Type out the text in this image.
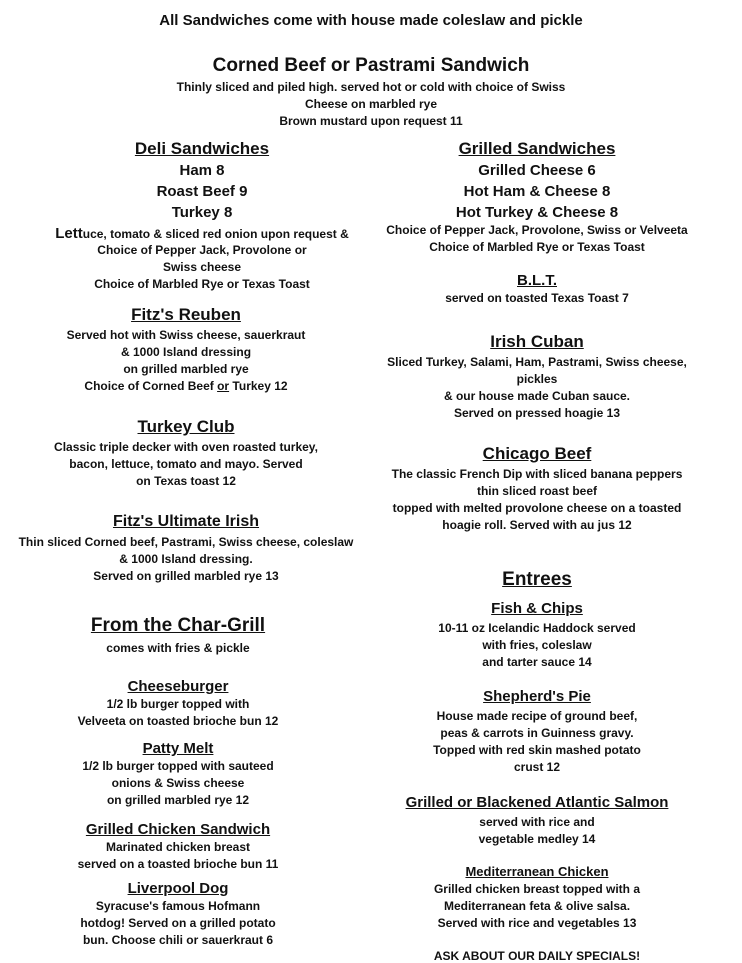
All Sandwiches come with house made coleslaw and pickle
Corned Beef or Pastrami Sandwich
Thinly sliced and piled high. served hot or cold with choice of Swiss
Cheese on marbled rye
Brown mustard upon request 11
Deli Sandwiches
Ham 8
Roast Beef 9
Turkey 8
Lettuce, tomato & sliced red onion upon request &
Choice of Pepper Jack, Provolone or
Swiss cheese
Choice of Marbled Rye or Texas Toast
Fitz's Reuben
Served hot with Swiss cheese, sauerkraut
& 1000 Island dressing
on grilled marbled rye
Choice of Corned Beef or Turkey 12
Turkey Club
Classic triple decker with oven roasted turkey,
bacon, lettuce, tomato and mayo. Served
on Texas toast 12
Fitz's Ultimate Irish
Thin sliced Corned beef, Pastrami, Swiss cheese, coleslaw
& 1000 Island dressing.
Served on grilled marbled rye 13
From the Char-Grill
comes with fries & pickle
Cheeseburger
1/2 lb burger topped with
Velveeta on toasted brioche bun 12
Patty Melt
1/2 lb burger topped with sauteed
onions & Swiss cheese
on grilled marbled rye 12
Grilled Chicken Sandwich
Marinated chicken breast
served on a toasted brioche bun 11
Liverpool Dog
Syracuse's famous Hofmann
hotdog! Served on a grilled potato
bun. Choose chili or sauerkraut 6
Grilled Sandwiches
Grilled Cheese 6
Hot Ham & Cheese 8
Hot Turkey & Cheese 8
Choice of Pepper Jack, Provolone, Swiss or Velveeta
Choice of Marbled Rye or Texas Toast
B.L.T.
served on toasted Texas Toast 7
Irish Cuban
Sliced Turkey, Salami, Ham, Pastrami, Swiss cheese,
pickles
& our house made Cuban sauce.
Served on pressed hoagie 13
Chicago Beef
The classic French Dip with sliced banana peppers
thin sliced roast beef
topped with melted provolone cheese on a toasted
hoagie roll. Served with au jus 12
Entrees
Fish & Chips
10-11 oz Icelandic Haddock served
with fries, coleslaw
and tarter sauce 14
Shepherd's Pie
House made recipe of ground beef,
peas & carrots in Guinness gravy.
Topped with red skin mashed potato
crust 12
Grilled or Blackened Atlantic Salmon
served with rice and
vegetable medley 14
Mediterranean Chicken
Grilled chicken breast topped with a
Mediterranean feta & olive salsa.
Served with rice and vegetables 13
ASK ABOUT OUR DAILY SPECIALS!
